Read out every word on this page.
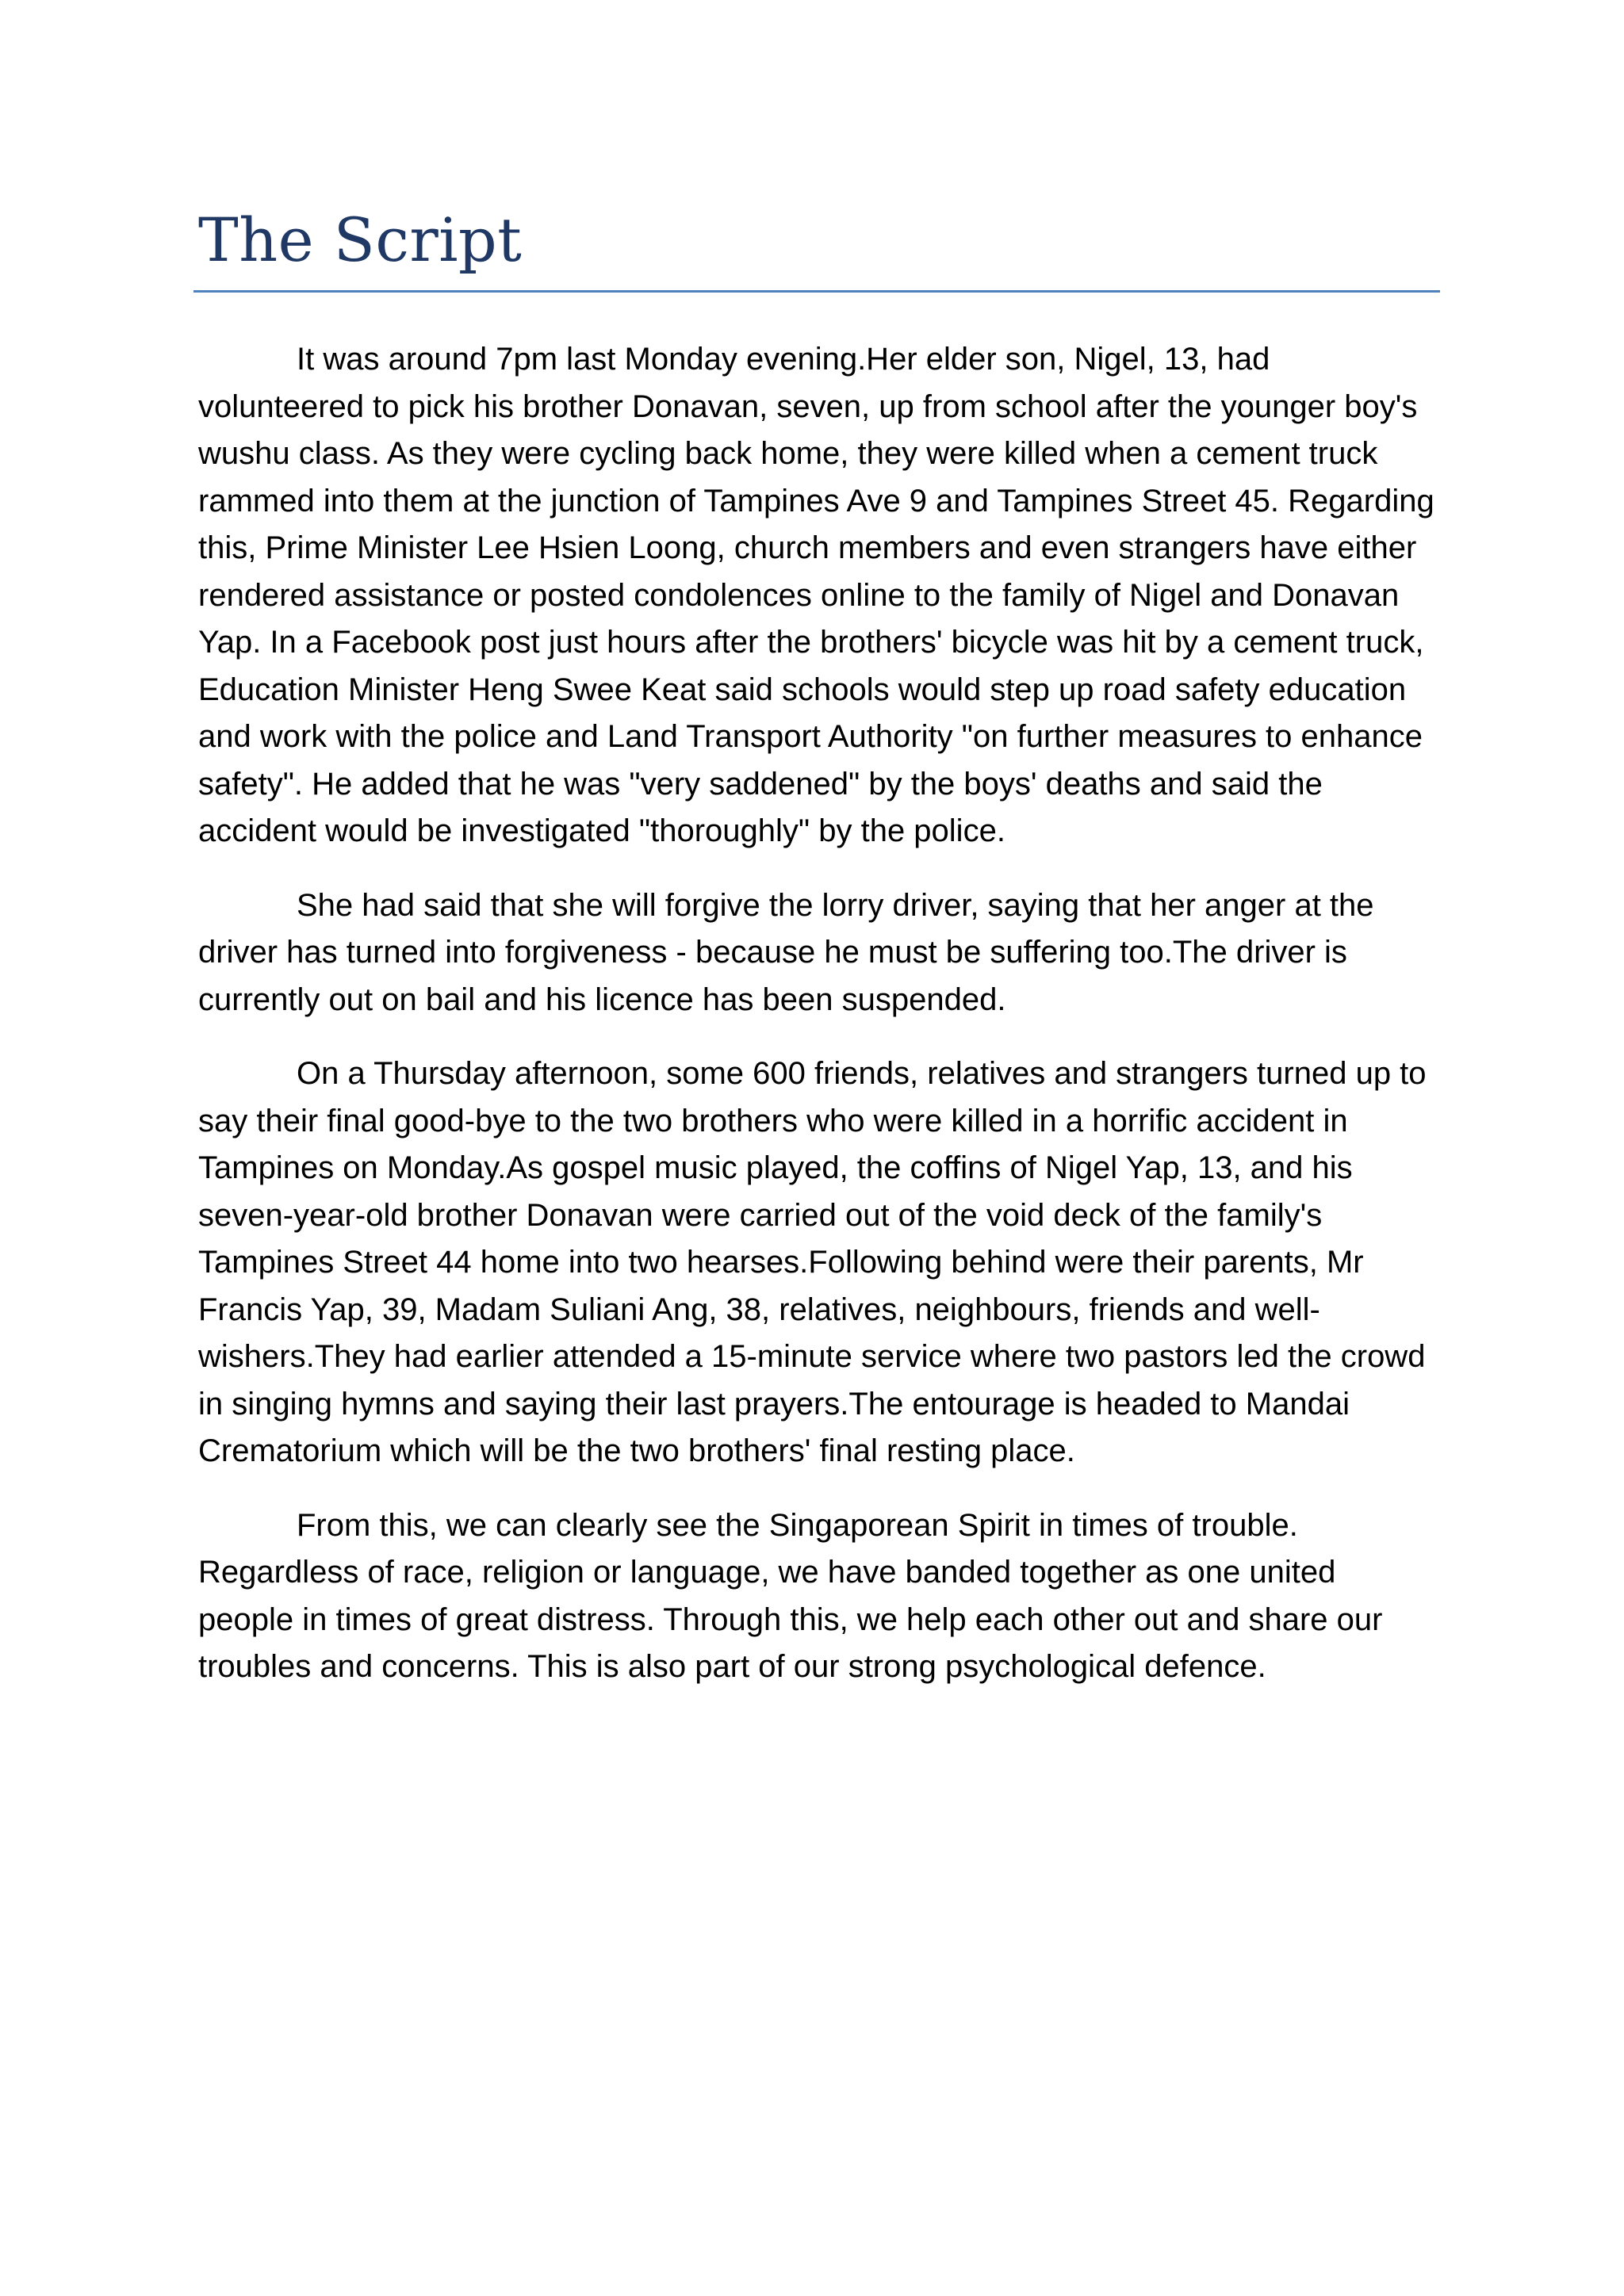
The Script

It was around 7pm last Monday evening.Her elder son, Nigel, 13, had volunteered to pick his brother Donavan, seven, up from school after the younger boy's wushu class. As they were cycling back home, they were killed when a cement truck rammed into them at the junction of Tampines Ave 9 and Tampines Street 45. Regarding this, Prime Minister Lee Hsien Loong, church members and even strangers have either rendered assistance or posted condolences online to the family of Nigel and Donavan Yap. In a Facebook post just hours after the brothers' bicycle was hit by a cement truck, Education Minister Heng Swee Keat said schools would step up road safety education and work with the police and Land Transport Authority "on further measures to enhance safety". He added that he was "very saddened" by the boys' deaths and said the accident would be investigated "thoroughly" by the police.

She had said that she will forgive the lorry driver, saying that her anger at the driver has turned into forgiveness - because he must be suffering too.The driver is currently out on bail and his licence has been suspended.

On a Thursday afternoon, some 600 friends, relatives and strangers turned up to say their final good-bye to the two brothers who were killed in a horrific accident in Tampines on Monday.As gospel music played, the coffins of Nigel Yap, 13, and his seven-year-old brother Donavan were carried out of the void deck of the family's Tampines Street 44 home into two hearses.Following behind were their parents, Mr Francis Yap, 39, Madam Suliani Ang, 38, relatives, neighbours, friends and well-wishers.They had earlier attended a 15-minute service where two pastors led the crowd in singing hymns and saying their last prayers.The entourage is headed to Mandai Crematorium which will be the two brothers' final resting place.

From this, we can clearly see the Singaporean Spirit in times of trouble. Regardless of race, religion or language, we have banded together as one united people in times of great distress. Through this, we help each other out and share our troubles and concerns. This is also part of our strong psychological defence.
